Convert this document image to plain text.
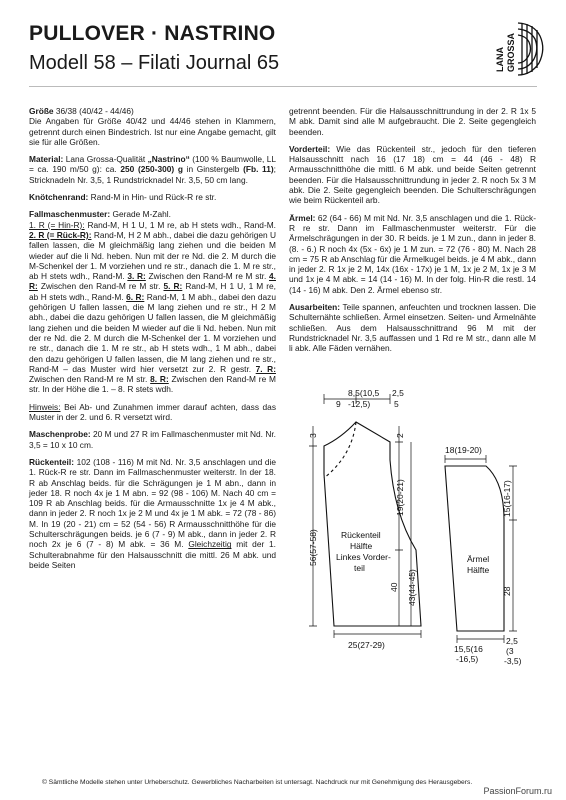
PULLOVER · NASTRINO
Modell 58 – Filati Journal 65	LANA GROSSA

Größe 36/38 (40/42 - 44/46)
Die Angaben für Größe 40/42 und 44/46 stehen in Klammern, getrennt durch einen Bindestrich. Ist nur eine Angabe gemacht, gilt sie für alle Größen.

Material: Lana Grossa-Qualität „Nastrino“ (100 % Baumwolle, LL = ca. 190 m/50 g): ca. 250 (250-300) g in Ginstergelb (Fb. 11); Stricknadeln Nr. 3,5, 1 Rundstricknadel Nr. 3,5, 50 cm lang.

Knötchenrand: Rand-M in Hin- und Rück-R re str.

Fallmaschenmuster: Gerade M-Zahl.
1. R (= Hin-R): Rand-M, H 1 U, 1 M re, ab H stets wdh., Rand-M. 2. R (= Rück-R): Rand-M, H 2 M abh., dabei die dazu gehörigen U fallen lassen, die M gleichmäßig lang ziehen und die beiden M wieder auf die li Nd. heben. Nun mit der re Nd. die 2. M durch die M-Schenkel der 1. M vorziehen und re str., danach die 1. M re str., ab H stets wdh., Rand-M. 3. R: Zwischen den Rand-M re M str. 4. R: Zwischen den Rand-M re M str. 5. R: Rand-M, H 1 U, 1 M re, ab H stets wdh., Rand-M. 6. R: Rand-M, 1 M abh., dabei den dazu gehörigen U fallen lassen, die M lang ziehen und re str., H 2 M abh., dabei die dazu gehörigen U fallen lassen, die M gleichmäßig lang ziehen und die beiden M wieder auf die li Nd. heben. Nun mit der re Nd. die 2. M durch die M-Schenkel der 1. M vorziehen und re str., danach die 1. M re str., ab H stets wdh., 1 M abh., dabei den dazu gehörigen U fallen lassen, die M lang ziehen und re str., Rand-M – das Muster wird hier versetzt zur 2. R gestr. 7. R: Zwischen den Rand-M re M str. 8. R: Zwischen den Rand-M re M str. In der Höhe die 1. – 8. R stets wdh.

Hinweis: Bei Ab- und Zunahmen immer darauf achten, dass das Muster in der 2. und 6. R versetzt wird.

Maschenprobe: 20 M und 27 R im Fallmaschenmuster mit Nd. Nr. 3,5 = 10 x 10 cm.

Rückenteil: 102 (108 - 116) M mit Nd. Nr. 3,5 anschlagen und die 1. Rück-R re str. Dann im Fallmaschenmuster weiterstr. In der 18. R ab Anschlag beids. für die Schrägungen je 1 M abn., dann in jeder 18. R noch 4x je 1 M abn. = 92 (98 - 106) M. Nach 40 cm = 109 R ab Anschlag beids. für die Armausschnitte 1x je 4 M abk., dann in jeder 2. R noch 1x je 2 M und 4x je 1 M abk. = 72 (78 - 86) M. In 19 (20 - 21) cm = 52 (54 - 56) R Armausschnitthöhe für die Schulterschrägungen beids. je 6 (7 - 9) M abk., dann in jeder 2. R noch 2x je 6 (7 - 8) M abk. = 36 M. Gleichzeitig mit der 1. Schulterabnahme für den Halsausschnitt die mittl. 26 M abk. und beide Seiten

getrennt beenden. Für die Halsausschnittrundung in der 2. R 1x 5 M abk. Damit sind alle M aufgebraucht. Die 2. Seite gegengleich beenden.

Vorderteil: Wie das Rückenteil str., jedoch für den tieferen Halsausschnitt nach 16 (17 18) cm = 44 (46 - 48) R Armausschnitthöhe die mittl. 6 M abk. und beide Seiten getrennt beenden. Für die Halsausschnittrundung in jeder 2. R noch 5x 3 M abk. Die 2. Seite gegengleich beenden. Die Schulterschrägungen wie beim Rückenteil arb.

Ärmel: 62 (64 - 66) M mit Nd. Nr. 3,5 anschlagen und die 1. Rück-R re str. Dann im Fallmaschenmuster weiterstr. Für die Ärmelschrägungen in der 30. R beids. je 1 M zun., dann in jeder 8. (8. - 6.) R noch 4x (5x - 6x) je 1 M zun. = 72 (76 - 80) M. Nach 28 cm = 75 R ab Anschlag für die Ärmelkugel beids. je 4 M abk., dann in jeder 2. R 1x je 2 M, 14x (16x - 17x) je 1 M, 1x je 2 M, 1x je 3 M und 1x je 4 M abk. = 14 (14 - 16) M. In der folg. Hin-R die restl. 14 (14 - 16) M abk. Den 2. Ärmel ebenso str.

Ausarbeiten: Teile spannen, anfeuchten und trocknen lassen. Die Schulternähte schließen. Ärmel einsetzen. Seiten- und Ärmelnähte schließen. Aus dem Halsausschnittrand 96 M mit der Rundstricknadel Nr. 3,5 auffassen und 1 Rd re M str., dann alle M li abk. Alle Fäden vernähen.

8,5(10,5
-12,5)
2,5
9	5
3
56(57-58)
19(20-21)
2
40 43(44-45)
Rückenteil
Hälfte
Linkes Vorder-
teil
25(27-29)
18(19-20)
15(16-17)
Ärmel
Hälfte
28
15,5(16
-16,5)
2,5
(3
-3,5)
© Sämtliche Modelle stehen unter Urheberschutz. Gewerbliches Nacharbeiten ist untersagt. Nachdruck nur mit Genehmigung des Herausgebers.
PassionForum.ru
